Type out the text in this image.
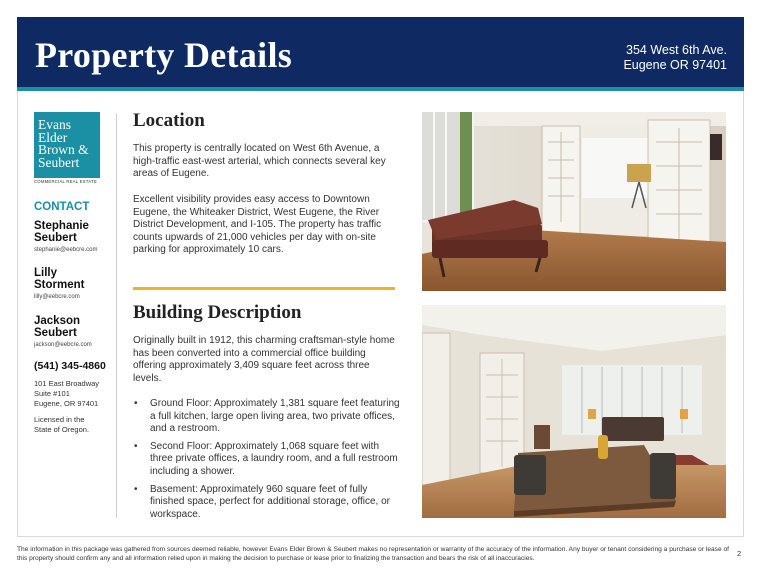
Property Details	354 West 6th Ave.
Eugene OR 97401
Evans
Elder
Brown &
Seubert
COMMERCIAL REAL ESTATE
CONTACT
Stephanie
Seubert
stephanie@eebcre.com
Lilly
Storment
lilly@eebcre.com
Jackson
Seubert
jackson@eebcre.com
(541) 345-4860
101 East Broadway
Suite #101
Eugene, OR 97401
Licensed in the
State of Oregon.
Location

This property is centrally located on West 6th Avenue, a high-traffic east-west arterial, which connects several key areas of Eugene.

Excellent visibility provides easy access to Downtown Eugene, the Whiteaker District, West Eugene, the River District Development, and I-105. The property has traffic counts upwards of 21,000 vehicles per day with on-site parking for approximately 10 cars.

Building Description

Originally built in 1912, this charming craftsman-style home has been converted into a commercial office building offering approximately 3,409 square feet across three levels.

• Ground Floor: Approximately 1,381 square feet featuring a full kitchen, large open living area, two private offices, and a restroom.
• Second Floor: Approximately 1,068 square feet with three private offices, a laundry room, and a full restroom including a shower.
• Basement: Approximately 960 square feet of fully finished space, perfect for additional storage, office, or workspace.

The information in this package was gathered from sources deemed reliable, however Evans Elder Brown & Seubert makes no representation or warranty of the accuracy of the information. Any buyer or tenant considering a purchase or lease of this property should confirm any and all information relied upon in making the decision to purchase or lease prior to finalizing the transaction and bears the risk of all inaccuracies.

2
